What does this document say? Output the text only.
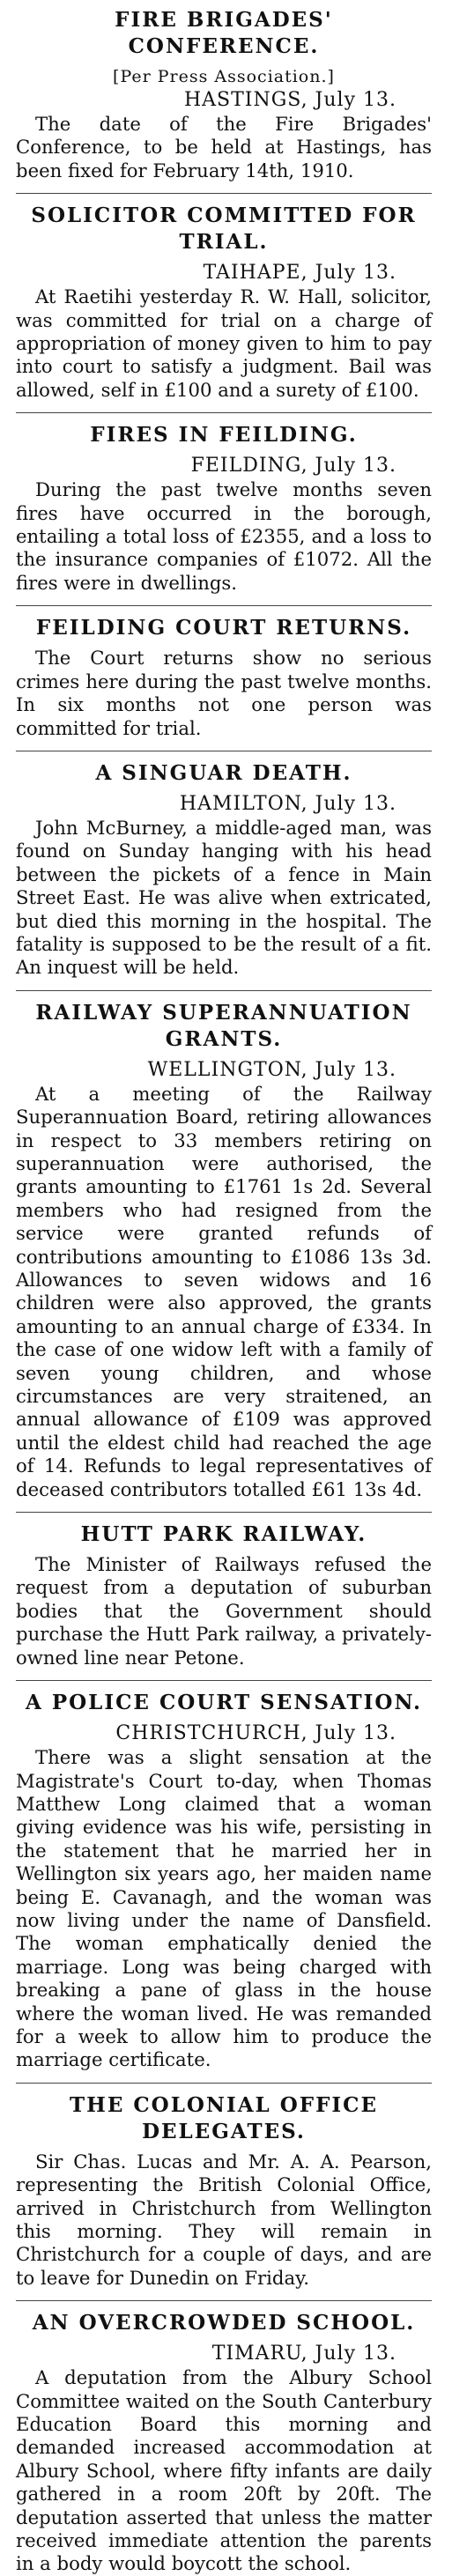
FIRE BRIGADES' CONFERENCE.

[Per Press Association.]

HASTINGS, July 13.

The date of the Fire Brigades' Conference, to be held at Hastings, has been fixed for February 14th, 1910.

SOLICITOR COMMITTED FOR TRIAL.

TAIHAPE, July 13.

At Raetihi yesterday R. W. Hall, solicitor, was committed for trial on a charge of appropriation of money given to him to pay into court to satisfy a judgment. Bail was allowed, self in £100 and a surety of £100.

FIRES IN FEILDING.

FEILDING, July 13.

During the past twelve months seven fires have occurred in the borough, entailing a total loss of £2355, and a loss to the insurance companies of £1072. All the fires were in dwellings.

FEILDING COURT RETURNS.

The Court returns show no serious crimes here during the past twelve months. In six months not one person was committed for trial.

A SINGUAR DEATH.

HAMILTON, July 13.

John McBurney, a middle-aged man, was found on Sunday hanging with his head between the pickets of a fence in Main Street East. He was alive when extricated, but died this morning in the hospital. The fatality is supposed to be the result of a fit. An inquest will be held.

RAILWAY SUPERANNUATION GRANTS.

WELLINGTON, July 13.

At a meeting of the Railway Superannuation Board, retiring allowances in respect to 33 members retiring on superannuation were authorised, the grants amounting to £1761 1s 2d. Several members who had resigned from the service were granted refunds of contributions amounting to £1086 13s 3d. Allowances to seven widows and 16 children were also approved, the grants amounting to an annual charge of £334. In the case of one widow left with a family of seven young children, and whose circumstances are very straitened, an annual allowance of £109 was approved until the eldest child had reached the age of 14. Refunds to legal representatives of deceased contributors totalled £61 13s 4d.

HUTT PARK RAILWAY.

The Minister of Railways refused the request from a deputation of suburban bodies that the Government should purchase the Hutt Park railway, a privately-owned line near Petone.

A POLICE COURT SENSATION.

CHRISTCHURCH, July 13.

There was a slight sensation at the Magistrate's Court to-day, when Thomas Matthew Long claimed that a woman giving evidence was his wife, persisting in the statement that he married her in Wellington six years ago, her maiden name being E. Cavanagh, and the woman was now living under the name of Dansfield. The woman emphatically denied the marriage. Long was being charged with breaking a pane of glass in the house where the woman lived. He was remanded for a week to allow him to produce the marriage certificate.

THE COLONIAL OFFICE DELEGATES.

Sir Chas. Lucas and Mr. A. A. Pearson, representing the British Colonial Office, arrived in Christchurch from Wellington this morning. They will remain in Christchurch for a couple of days, and are to leave for Dunedin on Friday.

AN OVERCROWDED SCHOOL.

TIMARU, July 13.

A deputation from the Albury School Committee waited on the South Canterbury Education Board this morning and demanded increased accommodation at Albury School, where fifty infants are daily gathered in a room 20ft by 20ft. The deputation asserted that unless the matter received immediate attention the parents in a body would boycott the school.
